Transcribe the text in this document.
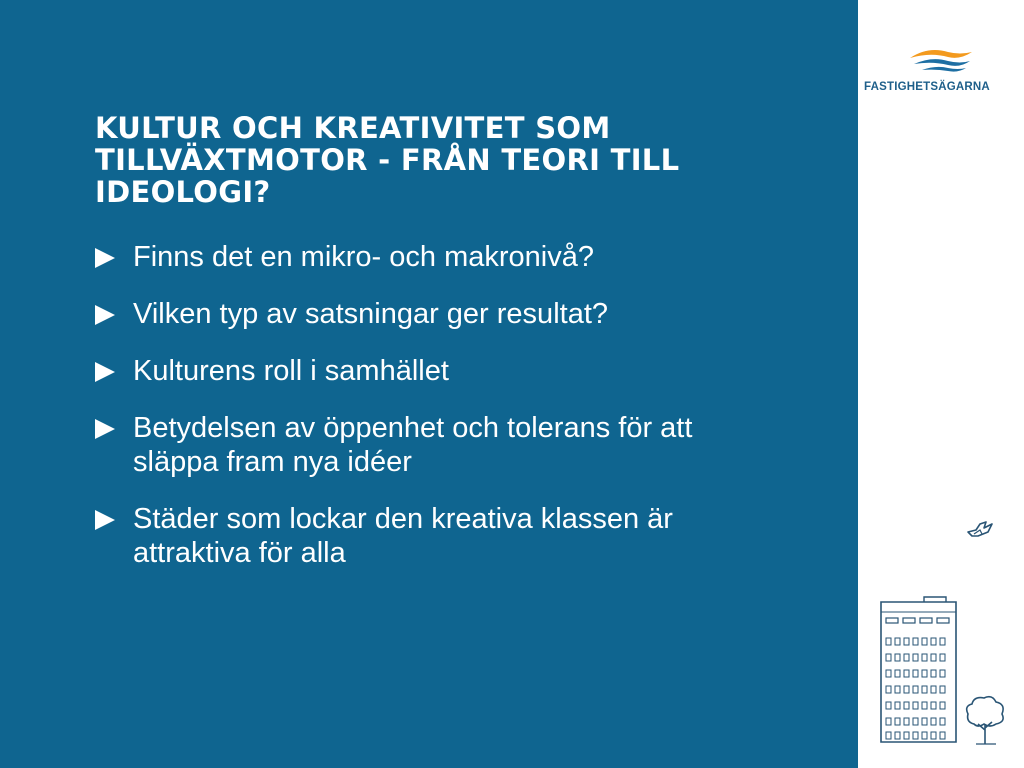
KULTUR OCH KREATIVITET SOM TILLVÄXTMOTOR - FRÅN TEORI TILL IDEOLOGI?
Finns det en mikro- och makronivå?
Vilken typ av satsningar ger resultat?
Kulturens roll i samhället
Betydelsen av öppenhet och tolerans för att släppa fram nya idéer
Städer som lockar den kreativa klassen är attraktiva för alla
FASTIGHETSÄGARNA
